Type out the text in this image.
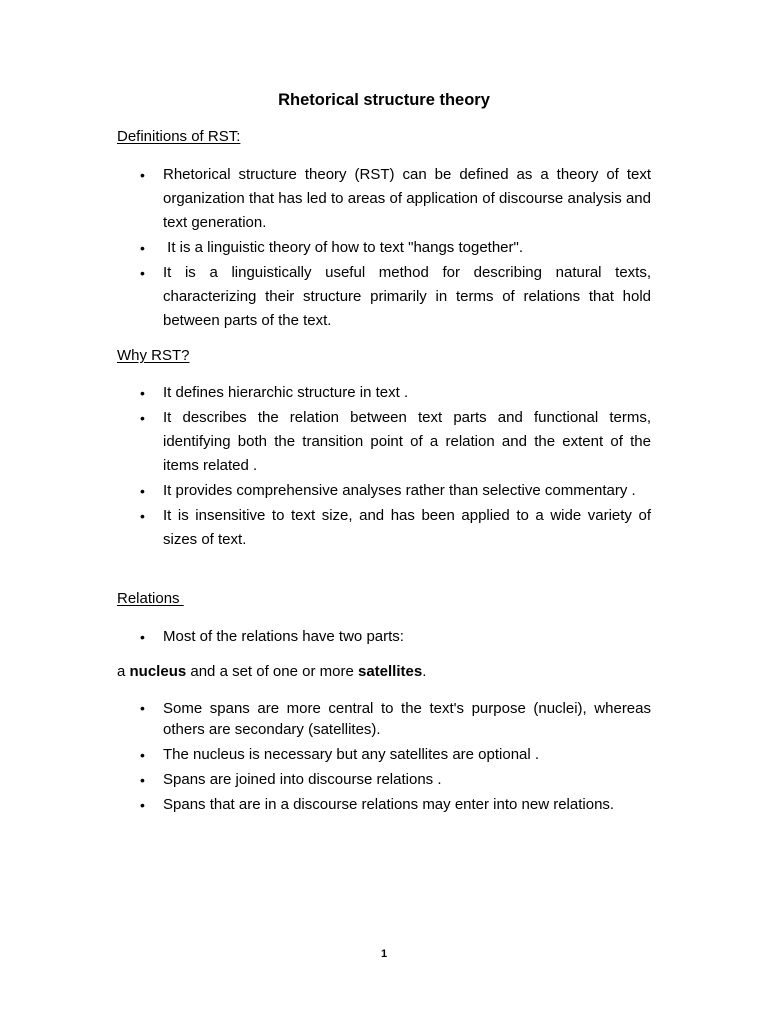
Rhetorical structure theory
Definitions of RST:
•	Rhetorical structure theory (RST) can be defined as a theory of text organization that has led to areas of application of discourse analysis and text generation.
•	It is a linguistic theory of how to text "hangs together".
•	It is a linguistically useful method for describing natural texts, characterizing their structure primarily in terms of relations that hold between parts of the text.
Why RST?
•	It defines hierarchic structure in text .
•	It describes the relation between text parts and functional terms, identifying both the transition point of a relation and the extent of the items related .
•	It provides comprehensive analyses rather than selective commentary .
•	It is insensitive to text size, and has been applied to a wide variety of sizes of text.
Relations
•	Most of the relations have two parts:
a nucleus and a set of one or more satellites.
•	Some spans are more central to the text's purpose (nuclei), whereas others are secondary (satellites).
•	The nucleus is necessary but any satellites are optional .
•	Spans are joined into discourse relations .
•	Spans that are in a discourse relations may enter into new relations.
1
